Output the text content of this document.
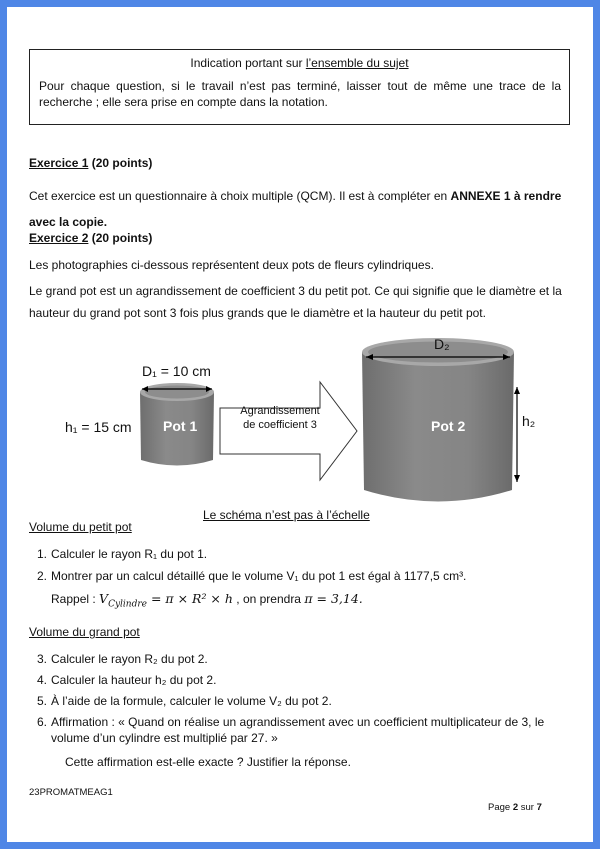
Indication portant sur l’ensemble du sujet
Pour chaque question, si le travail n’est pas terminé, laisser tout de même une trace de la recherche ; elle sera prise en compte dans la notation.
Exercice 1 (20 points)
Cet exercice est un questionnaire à choix multiple (QCM). Il est à compléter en ANNEXE 1 à rendre
avec la copie.
Exercice 2 (20 points)
Les photographies ci-dessous représentent deux pots de fleurs cylindriques.
Le grand pot est un agrandissement de coefficient 3 du petit pot. Ce qui signifie que le diamètre et la
hauteur du grand pot sont 3 fois plus grands que le diamètre et la hauteur du petit pot.
D₁ = 10 cm
h₁ = 15 cm Pot 1
Agrandissement
de coefficient 3
D₂
h₂
Pot 2
Le schéma n’est pas à l’échelle
Volume du petit pot
1. Calculer le rayon R₁ du pot 1.
2. Montrer par un calcul détaillé que le volume V₁ du pot 1 est égal à 1177,5 cm³.
Rappel : $V_{Cylindre} = \pi \times R^2 \times h$ , on prendra π = 3,14.
Volume du grand pot
3. Calculer le rayon R₂ du pot 2.
4. Calculer la hauteur h₂ du pot 2.
5. À l’aide de la formule, calculer le volume V₂ du pot 2.
6. Affirmation : « Quand on réalise un agrandissement avec un coefficient multiplicateur de 3, le
volume d’un cylindre est multiplié par 27. »
Cette affirmation est-elle exacte ? Justifier la réponse.
23PROMATMEAG1
Page 2 sur 7
